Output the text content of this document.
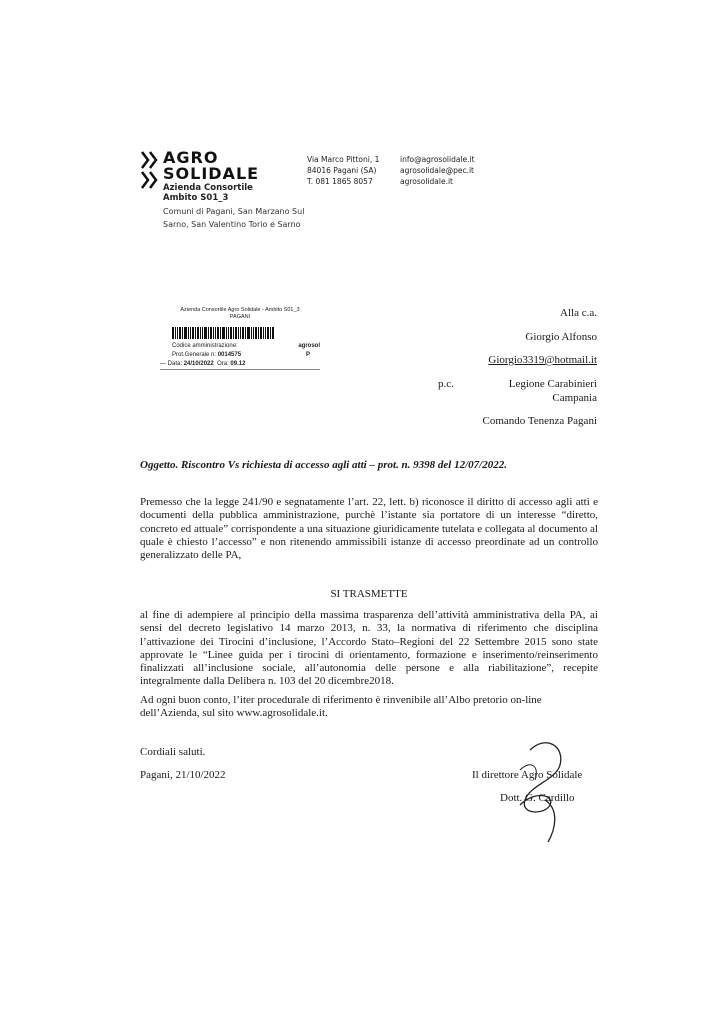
AGRO
SOLIDALE
Azienda Consortile
Ambito S01_3
Comuni di Pagani, San Marzano Sul Sarno, San Valentino Torio e Sarno
Via Marco Pittoni, 1
84016 Pagani (SA)
T. 081 1865 8057
info@agrosolidale.it
agrosolidale@pec.it
agrosolidale.it
Azienda Consortile Agro Solidale - Ambito S01_3
PAGANI
Codice amministrazione:	agrosol
Prot.Generale n: 0014575	P
— Data: 24/10/2022 Ora: 09.12
Alla c.a.
Giorgio Alfonso
Giorgio3319@hotmail.it
p.c.	Legione Carabinieri
Campania
Comando Tenenza Pagani
Oggetto. Riscontro Vs richiesta di accesso agli atti – prot. n. 9398 del 12/07/2022.
Premesso che la legge 241/90 e segnatamente l’art. 22, lett. b) riconosce il diritto di accesso agli atti e documenti della pubblica amministrazione, purchè l’istante sia portatore di un interesse “diretto, concreto ed attuale” corrispondente a una situazione giuridicamente tutelata e collegata al documento al quale è chiesto l’accesso” e non ritenendo ammissibili istanze di accesso preordinate ad un controllo generalizzato delle PA,
SI TRASMETTE
al fine di adempiere al principio della massima trasparenza dell’attività amministrativa della PA, ai sensi del decreto legislativo 14 marzo 2013, n. 33, la normativa di riferimento che disciplina l’attivazione dei Tirocini d’inclusione, l’Accordo Stato–Regioni del 22 Settembre 2015 sono state approvate le “Linee guida per i tirocini di orientamento, formazione e inserimento/reinserimento finalizzati all’inclusione sociale, all’autonomia delle persone e alla riabilitazione”, recepite integralmente dalla Delibera n. 103 del 20 dicembre2018.
Ad ogni buon conto, l’iter procedurale di riferimento è rinvenibile all’Albo pretorio on-line dell’Azienda, sul sito www.agrosolidale.it.
Cordiali saluti.
Pagani, 21/10/2022	Il direttore Agro Solidale
Dott. G. Cardillo
